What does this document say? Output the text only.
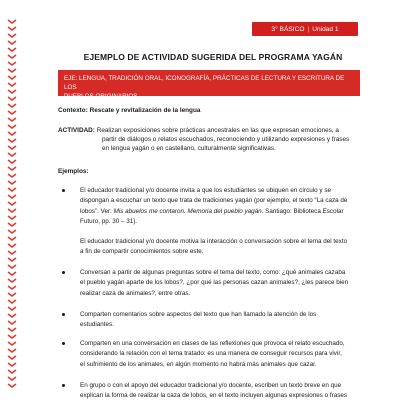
3° BÁSICO | Unidad 1
EJEMPLO DE ACTIVIDAD SUGERIDA DEL PROGRAMA YAGÁN
EJE: LENGUA, TRADICIÓN ORAL, ICONOGRAFÍA, PRÁCTICAS DE LECTURA Y ESCRITURA DE LOS
PUEBLOS ORIGINARIOS.
Contexto: Rescate y revitalización de la lengua
ACTIVIDAD: Realizan exposiciones sobre prácticas ancestrales en las que expresan emociones, a
partir de diálogos o relatos escuchados, reconociendo y utilizando expresiones y frases
en lengua yagán o en castellano, culturalmente significativas.
Ejemplos:
El educador tradicional y/o docente invita a que los estudiantes se ubiquen en círculo y se
dispongan a escuchar un texto que trata de tradiciones yagán (por ejemplo, el texto “La caza de
lobos”. Ver: Mis abuelos me contaron. Memoria del pueblo yagán. Santiago: Biblioteca Escolar
Futuro, pp. 30 – 31).
El educador tradicional y/o docente motiva la interacción o conversación sobre el tema del texto
a fin de compartir conocimientos sobre este.
Conversan a partir de algunas preguntas sobre el tema del texto, como: ¿qué animales cazaba
el pueblo yagán aparte de los lobos?, ¿por qué las personas cazan animales?, ¿les parece bien
realizar caza de animales?, entre otras.
Comparten comentarios sobre aspectos del texto que han llamado la atención de los
estudiantes.
Comparten en una conversación en clases de las reflexiones que provoca el relato escuchado,
considerando la relación con el tema tratado: es una manera de conseguir recursos para vivir,
el sufrimiento de los animales, en algún momento no habrá más animales que cazar.
En grupo o con el apoyo del educador tradicional y/o docente, escriben un texto breve en que
explican la forma de realizar la caza de lobos, en el texto incluyen algunas expresiones o frases
